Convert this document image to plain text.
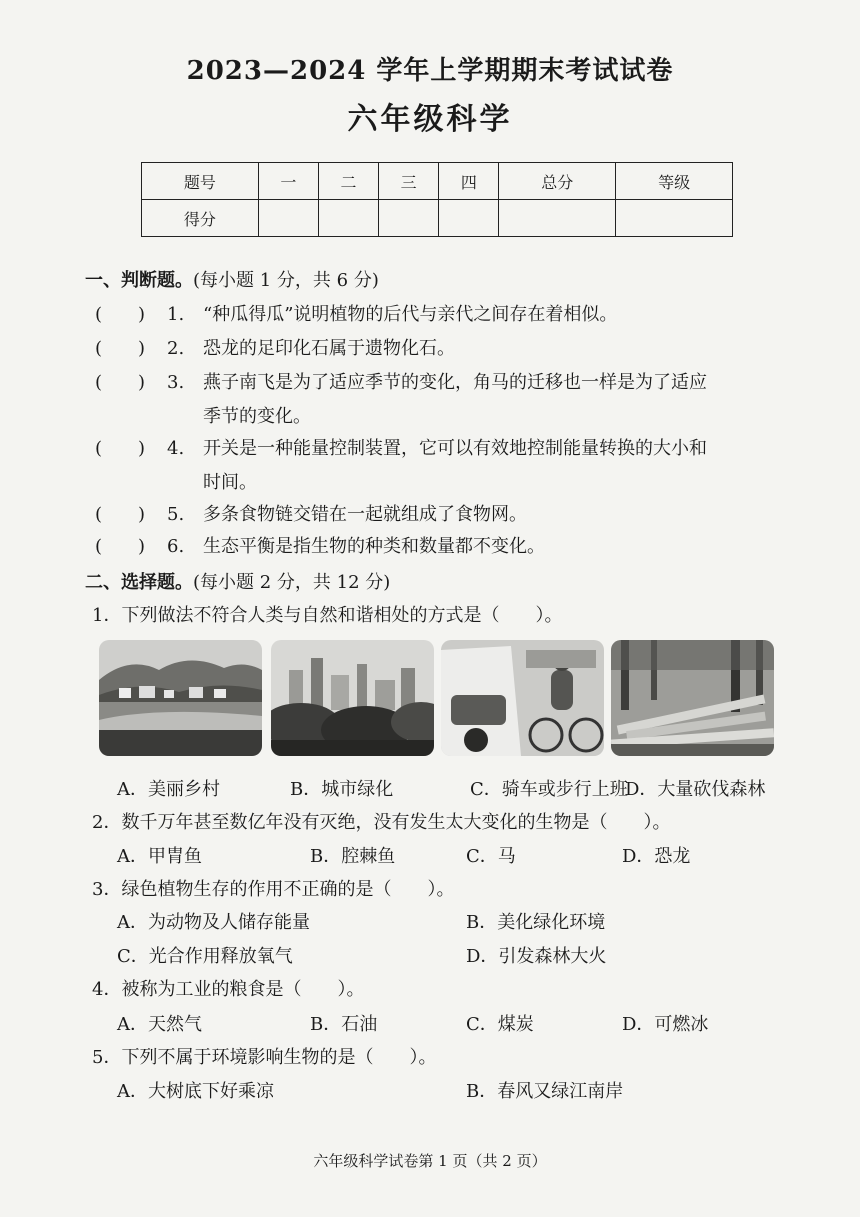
2023—2024 学年上学期期末考试试卷
六年级科学
题号	一	二	三	四	总分	等级
得分						
一、判断题。(每小题 1 分，共 6 分)
(　　)	1. “种瓜得瓜”说明植物的后代与亲代之间存在着相似。
(　　)	2. 恐龙的足印化石属于遗物化石。
(　　)	3. 燕子南飞是为了适应季节的变化，角马的迁移也一样是为了适应
季节的变化。
(　　)	4. 开关是一种能量控制装置，它可以有效地控制能量转换的大小和
时间。
(　　)	5. 多条食物链交错在一起就组成了食物网。
(　　)	6. 生态平衡是指生物的种类和数量都不变化。
二、选择题。(每小题 2 分，共 12 分)
1．下列做法不符合人类与自然和谐相处的方式是（　　）。
A．美丽乡村	B．城市绿化	C．骑车或步行上班
D．大量砍伐森林
2．数千万年甚至数亿年没有灭绝，没有发生太大变化的生物是（　　）。
A．甲胄鱼	B．腔棘鱼	C．马	D．恐龙
3．绿色植物生存的作用不正确的是（　　）。
A．为动物及人储存能量	B．美化绿化环境
C．光合作用释放氧气	D．引发森林大火
4．被称为工业的粮食是（　　）。
A．天然气	B．石油	C．煤炭	D．可燃冰
5．下列不属于环境影响生物的是（　　）。
A．大树底下好乘凉	B．春风又绿江南岸
六年级科学试卷第 1 页（共 2 页）
